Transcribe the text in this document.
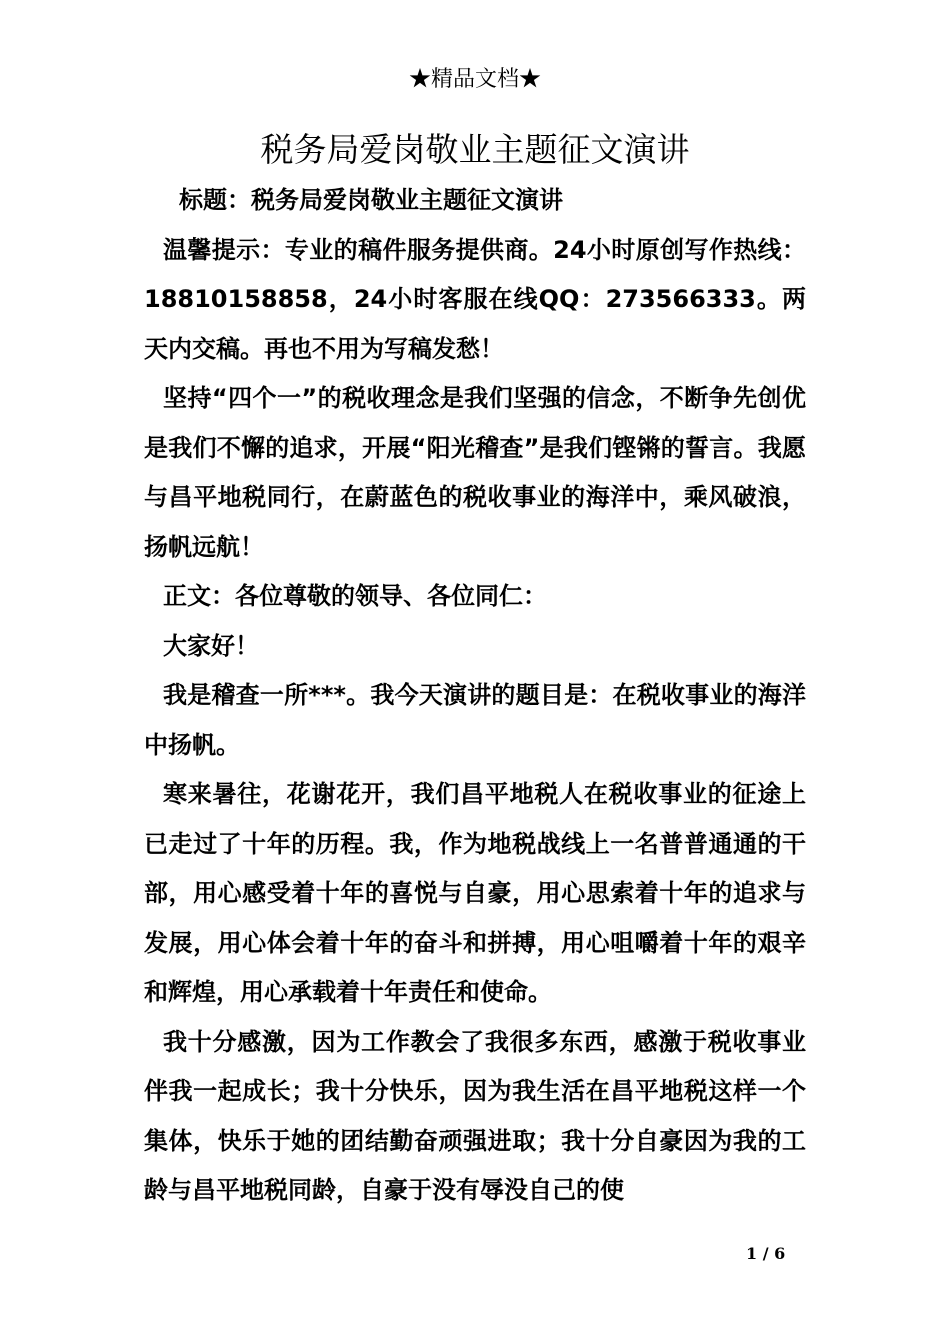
★精品文档★
税务局爱岗敬业主题征文演讲

标题：税务局爱岗敬业主题征文演讲

温馨提示：专业的稿件服务提供商。24小时原创写作热线：18810158858，24小时客服在线QQ：273566333。两天内交稿。再也不用为写稿发愁！

坚持“四个一”的税收理念是我们坚强的信念，不断争先创优是我们不懈的追求，开展“阳光稽查”是我们铿锵的誓言。我愿与昌平地税同行，在蔚蓝色的税收事业的海洋中，乘风破浪，扬帆远航！

正文：各位尊敬的领导、各位同仁：

大家好！

我是稽查一所***。我今天演讲的题目是：在税收事业的海洋中扬帆。

寒来暑往，花谢花开，我们昌平地税人在税收事业的征途上已走过了十年的历程。我，作为地税战线上一名普普通通的干部，用心感受着十年的喜悦与自豪，用心思索着十年的追求与发展，用心体会着十年的奋斗和拼搏，用心咀嚼着十年的艰辛和辉煌，用心承载着十年责任和使命。

我十分感激，因为工作教会了我很多东西，感激于税收事业伴我一起成长；我十分快乐，因为我生活在昌平地税这样一个集体，快乐于她的团结勤奋顽强进取；我十分自豪因为我的工龄与昌平地税同龄，自豪于没有辱没自己的使

1 / 6
